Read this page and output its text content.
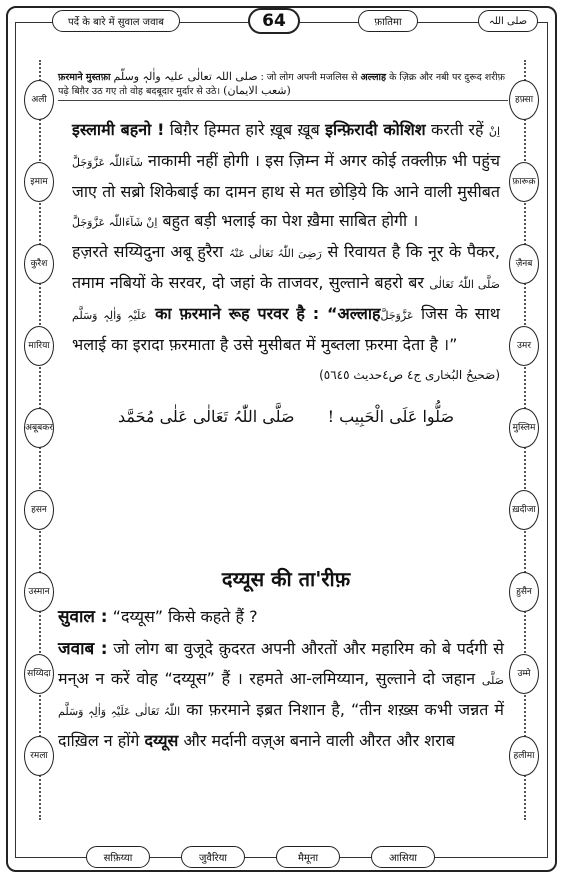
पर्दे के बारे में सुवाल जवाब	64	फ़ातिमा	صلی اللہ
अली
इमाम
कुरैश
मारिया
अबूबकर
हसन
उस्मान
सय्यिदा
रमला
हफ़्सा
फ़ारूक़
ज़ैनब
उमर
मुस्लिम
ख़दीजा
हुसैन
उम्मे
हलीमा
फ़रमाने मुस्तफ़ा صلی اللہ تعالٰی علیہ واٰلہٖ وسلّم : जो लोग अपनी मजलिस से अल्लाह के ज़िक्र और नबी पर दुरूद शरीफ़ पढ़े बिग़ैर उठ गए तो वोह बदबूदार मुर्दार से उठे। (شعب الایمان)

इस्लामी बहनो ! बिग़ैर हिम्मत हारे ख़ूब ख़ूब इन्फ़िरादी कोशिश करती रहें اِنْ شَآءَاللّٰہ عَزَّوَجَلَّ नाकामी नहीं होगी । इस ज़िम्न में अगर कोई तक्लीफ़ भी पहुंच जाए तो सब्रो शिकेबाई का दामन हाथ से मत छोड़िये कि आने वाली मुसीबत اِنْ شَآءَاللّٰہ عَزَّوَجَلَّ बहुत बड़ी भलाई का पेश ख़ैमा साबित होगी ।

हज़रते सय्यिदुना अबू हुरैरा رَضِیَ اللّٰہُ تَعَالٰی عَنْہُ से रिवायत है कि नूर के पैकर, तमाम नबियों के सरवर, दो जहां के ताजवर, सुल्ताने बहरो बर صَلَّی اللّٰہُ تَعَالٰی عَلَیْہِ وَاٰلِہٖ وَسَلَّم का फ़रमाने रूह परवर है : “अल्लाहعَزَّوَجَلَّ जिस के साथ भलाई का इरादा फ़रमाता है उसे मुसीबत में मुब्तला फ़रमा देता है ।”

(صَحیحُ البُخاری ج٤ ص٤حدیث ٥٦٤٥)
صَلُّوا عَلَی الْحَبِیب ! صَلَّی اللّٰہُ تَعَالٰی عَلٰی مُحَمَّد
दय्यूस की ता'रीफ़
सुवाल : “दय्यूस” किसे कहते हैं ?
जवाब : जो लोग बा वुजूदे क़ुदरत अपनी औरतों और महारिम को बे पर्दगी से मन्अ न करें वोह “दय्यूस” हैं । रहमते आ-लमिय्यान, सुल्ताने दो जहान صَلَّی اللّٰہُ تَعَالٰی عَلَیْہِ وَاٰلِہٖ وَسَلَّم का फ़रमाने इब्रत निशान है, “तीन शख़्स कभी जन्नत में दाख़िल न होंगे दय्यूस और मर्दानी वज़्अ बनाने वाली औरत और शराब
सफ़िय्या	जुवैरिया	मैमूना	आसिया
